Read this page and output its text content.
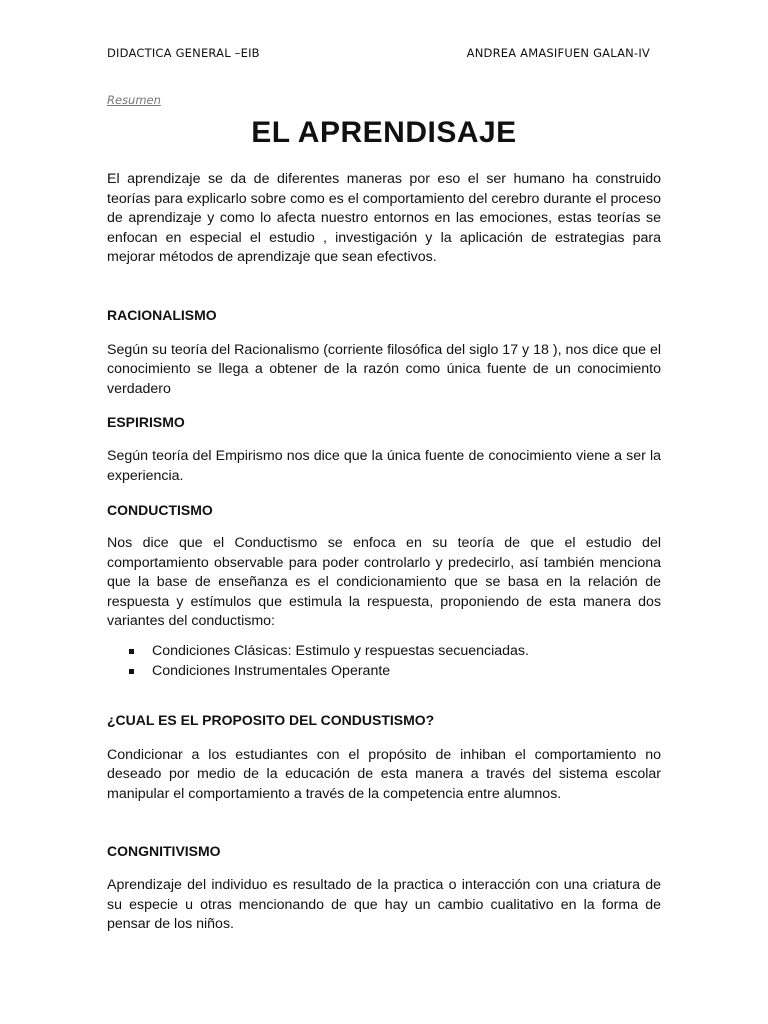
DIDACTICA GENERAL –EIB	ANDREA AMASIFUEN GALAN-IV
Resumen
EL APRENDISAJE

El aprendizaje se da de diferentes maneras por eso el ser humano ha construido teorías para explicarlo sobre como es el comportamiento del cerebro durante el proceso de aprendizaje y como lo afecta nuestro entornos en las emociones, estas teorías se enfocan en especial el estudio , investigación y la aplicación de estrategias para mejorar métodos de aprendizaje que sean efectivos.

RACIONALISMO

Según su teoría del Racionalismo (corriente filosófica del siglo 17 y 18 ), nos dice que el conocimiento se llega a obtener de la razón como única fuente de un conocimiento verdadero

ESPIRISMO

Según teoría del Empirismo nos dice que la única fuente de conocimiento viene a ser la experiencia.

CONDUCTISMO

Nos dice que el Conductismo se enfoca en su teoría de que el estudio del comportamiento observable para poder controlarlo y predecirlo, así también menciona que la base de enseñanza es el condicionamiento que se basa en la relación de respuesta y estímulos que estimula la respuesta, proponiendo de esta manera dos variantes del conductismo:

Condiciones Clásicas: Estimulo y respuestas secuenciadas.
Condiciones Instrumentales Operante

¿CUAL ES EL PROPOSITO DEL CONDUSTISMO?

Condicionar a los estudiantes con el propósito de inhiban el comportamiento no deseado por medio de la educación de esta manera a través del sistema escolar manipular el comportamiento a través de la competencia entre alumnos.

CONGNITIVISMO

Aprendizaje del individuo es resultado de la practica o interacción con una criatura de su especie u otras mencionando de que hay un cambio cualitativo en la forma de pensar de los niños.
